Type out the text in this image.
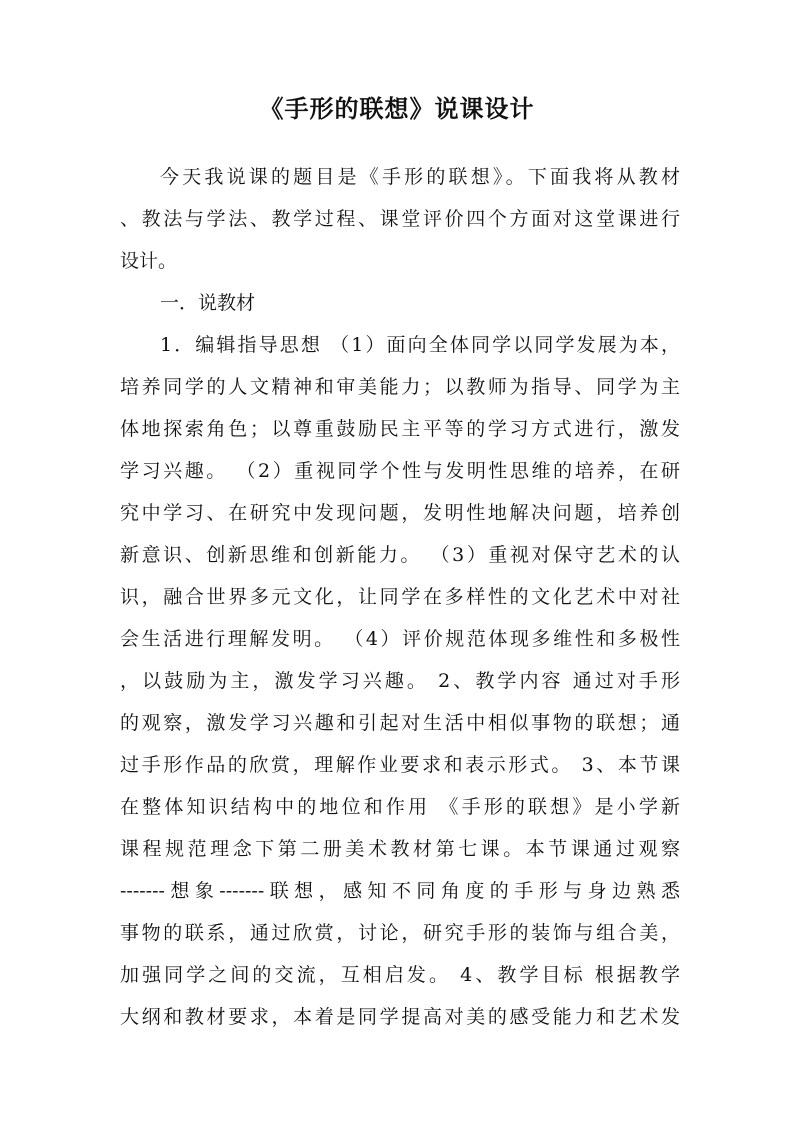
《手形的联想》说课设计
今天我说课的题目是《手形的联想》。下面我将从教材
、教法与学法、教学过程、课堂评价四个方面对这堂课进行
设计。
一．说教材
1．编辑指导思想 （1）面向全体同学以同学发展为本，
培养同学的人文精神和审美能力；以教师为指导、同学为主
体地探索角色；以尊重鼓励民主平等的学习方式进行，激发
学习兴趣。 （2）重视同学个性与发明性思维的培养，在研
究中学习、在研究中发现问题，发明性地解决问题，培养创
新意识、创新思维和创新能力。 （3）重视对保守艺术的认
识，融合世界多元文化，让同学在多样性的文化艺术中对社
会生活进行理解发明。 （4）评价规范体现多维性和多极性
，以鼓励为主，激发学习兴趣。 2、教学内容 通过对手形
的观察，激发学习兴趣和引起对生活中相似事物的联想；通
过手形作品的欣赏，理解作业要求和表示形式。 3、本节课
在整体知识结构中的地位和作用 《手形的联想》是小学新
课程规范理念下第二册美术教材第七课。本节课通过观察
-------想象-------联想，感知不同角度的手形与身边熟悉
事物的联系，通过欣赏，讨论，研究手形的装饰与组合美，
加强同学之间的交流，互相启发。 4、教学目标 根据教学
大纲和教材要求，本着是同学提高对美的感受能力和艺术发
